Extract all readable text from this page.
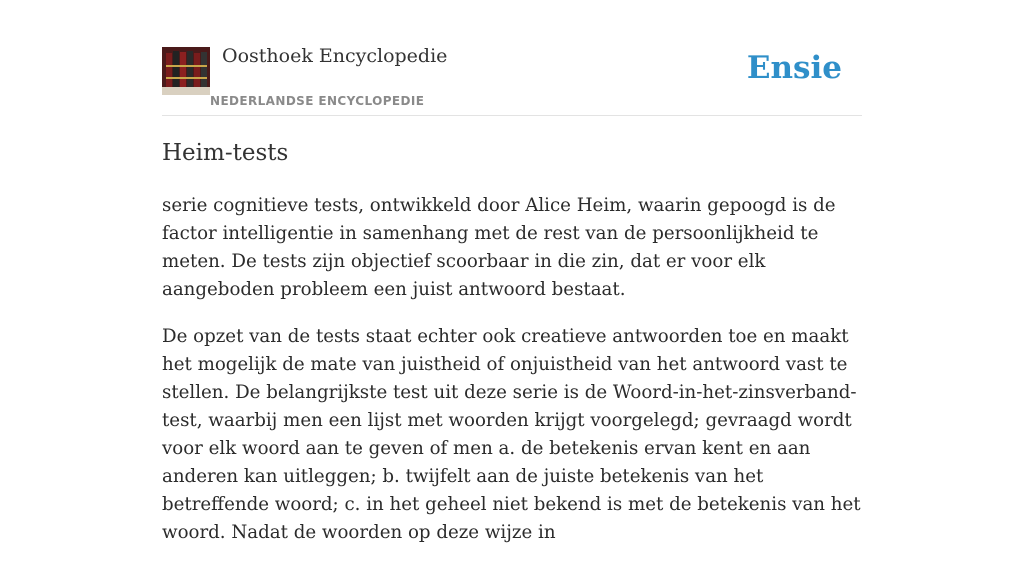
Oosthoek Encyclopedie
NEDERLANDSE ENCYCLOPEDIE
Ensie
Heim-tests

serie cognitieve tests, ontwikkeld door Alice Heim, waarin gepoogd is de factor intelligentie in samenhang met de rest van de persoonlijkheid te meten. De tests zijn objectief scoorbaar in die zin, dat er voor elk aangeboden probleem een juist antwoord bestaat.

De opzet van de tests staat echter ook creatieve antwoorden toe en maakt het mogelijk de mate van juistheid of onjuistheid van het antwoord vast te stellen. De belangrijkste test uit deze serie is de Woord-in-het-zinsverband-test, waarbij men een lijst met woorden krijgt voorgelegd; gevraagd wordt voor elk woord aan te geven of men a. de betekenis ervan kent en aan anderen kan uitleggen; b. twijfelt aan de juiste betekenis van het betreffende woord; c. in het geheel niet bekend is met de betekenis van het woord. Nadat de woorden op deze wijze in
